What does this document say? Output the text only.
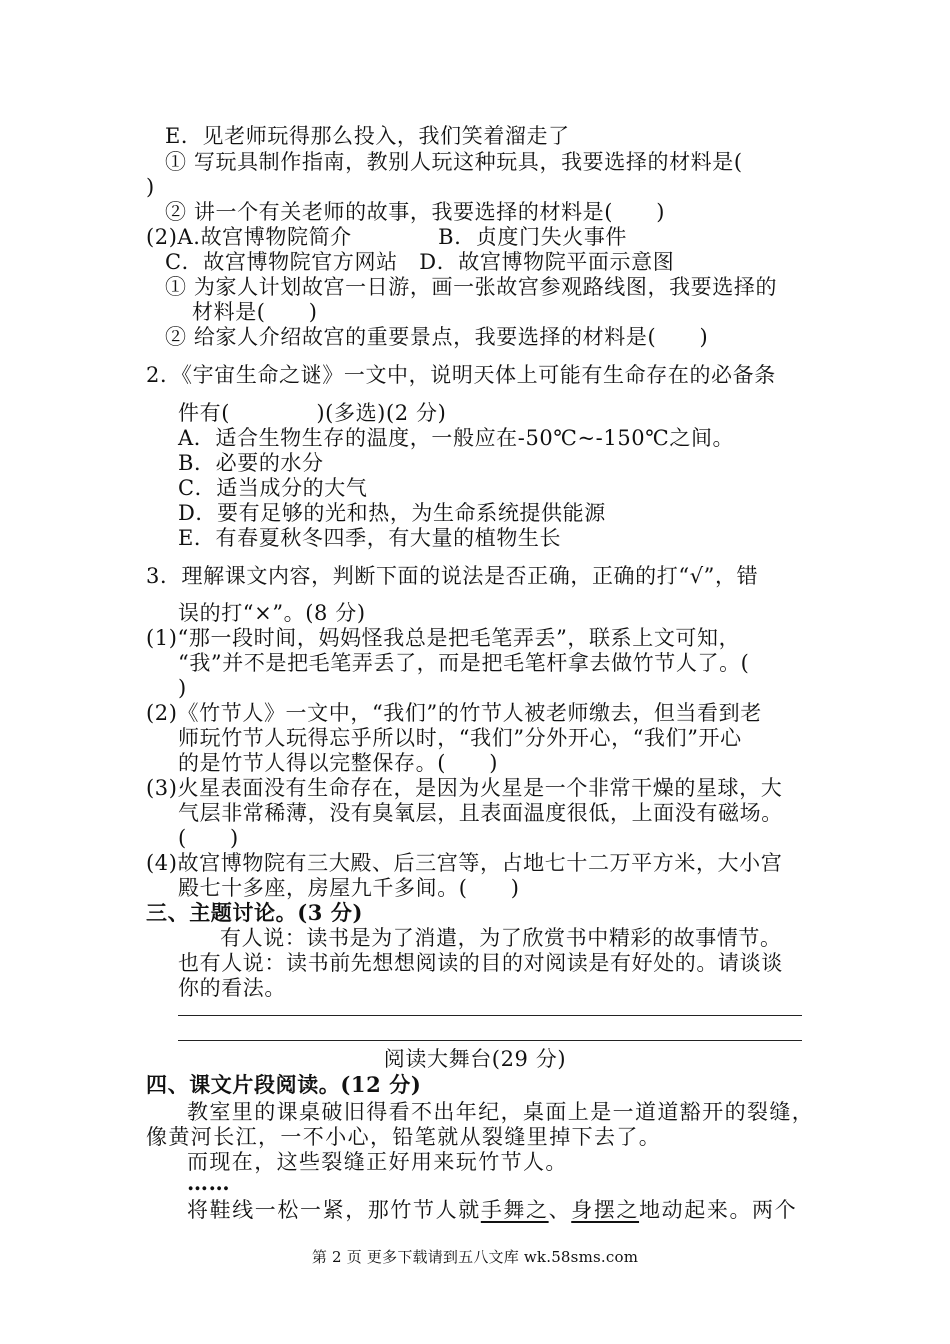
E．见老师玩得那么投入，我们笑着溜走了
① 写玩具制作指南，教别人玩这种玩具，我要选择的材料是(
)
② 讲一个有关老师的故事，我要选择的材料是(　　)
(2)A.故宫博物院简介　　　　B．贞度门失火事件
C．故宫博物院官方网站　D．故宫博物院平面示意图
① 为家人计划故宫一日游，画一张故宫参观路线图，我要选择的
材料是(　　)
② 给家人介绍故宫的重要景点，我要选择的材料是(　　)
2．《宇宙生命之谜》一文中，说明天体上可能有生命存在的必备条
件有(　　　　)(多选)(2 分)
A．适合生物生存的温度，一般应在-50℃~-150℃之间。
B．必要的水分
C．适当成分的大气
D．要有足够的光和热，为生命系统提供能源
E．有春夏秋冬四季，有大量的植物生长
3．理解课文内容，判断下面的说法是否正确，正确的打“√”，错
误的打“×”。(8 分)
(1)“那一段时间，妈妈怪我总是把毛笔弄丢”，联系上文可知，
“我”并不是把毛笔弄丢了，而是把毛笔杆拿去做竹节人了。(
)
(2)《竹节人》一文中，“我们”的竹节人被老师缴去，但当看到老
师玩竹节人玩得忘乎所以时，“我们”分外开心，“我们”开心
的是竹节人得以完整保存。(　　)
(3)火星表面没有生命存在，是因为火星是一个非常干燥的星球，大
气层非常稀薄，没有臭氧层，且表面温度很低，上面没有磁场。
(　　)
(4)故宫博物院有三大殿、后三宫等，占地七十二万平方米，大小宫
殿七十多座，房屋九千多间。(　　)
三、主题讨论。(3 分)
有人说：读书是为了消遣，为了欣赏书中精彩的故事情节。
也有人说：读书前先想想阅读的目的对阅读是有好处的。请谈谈
你的看法。
阅读大舞台(29 分)
四、课文片段阅读。(12 分)
教室里的课桌破旧得看不出年纪，桌面上是一道道豁开的裂缝，
像黄河长江，一不小心，铅笔就从裂缝里掉下去了。
而现在，这些裂缝正好用来玩竹节人。
……
将鞋线一松一紧，那竹节人就手舞之、身摆之地动起来。两个
第 2 页 更多下载请到五八文库 wk.58sms.com
